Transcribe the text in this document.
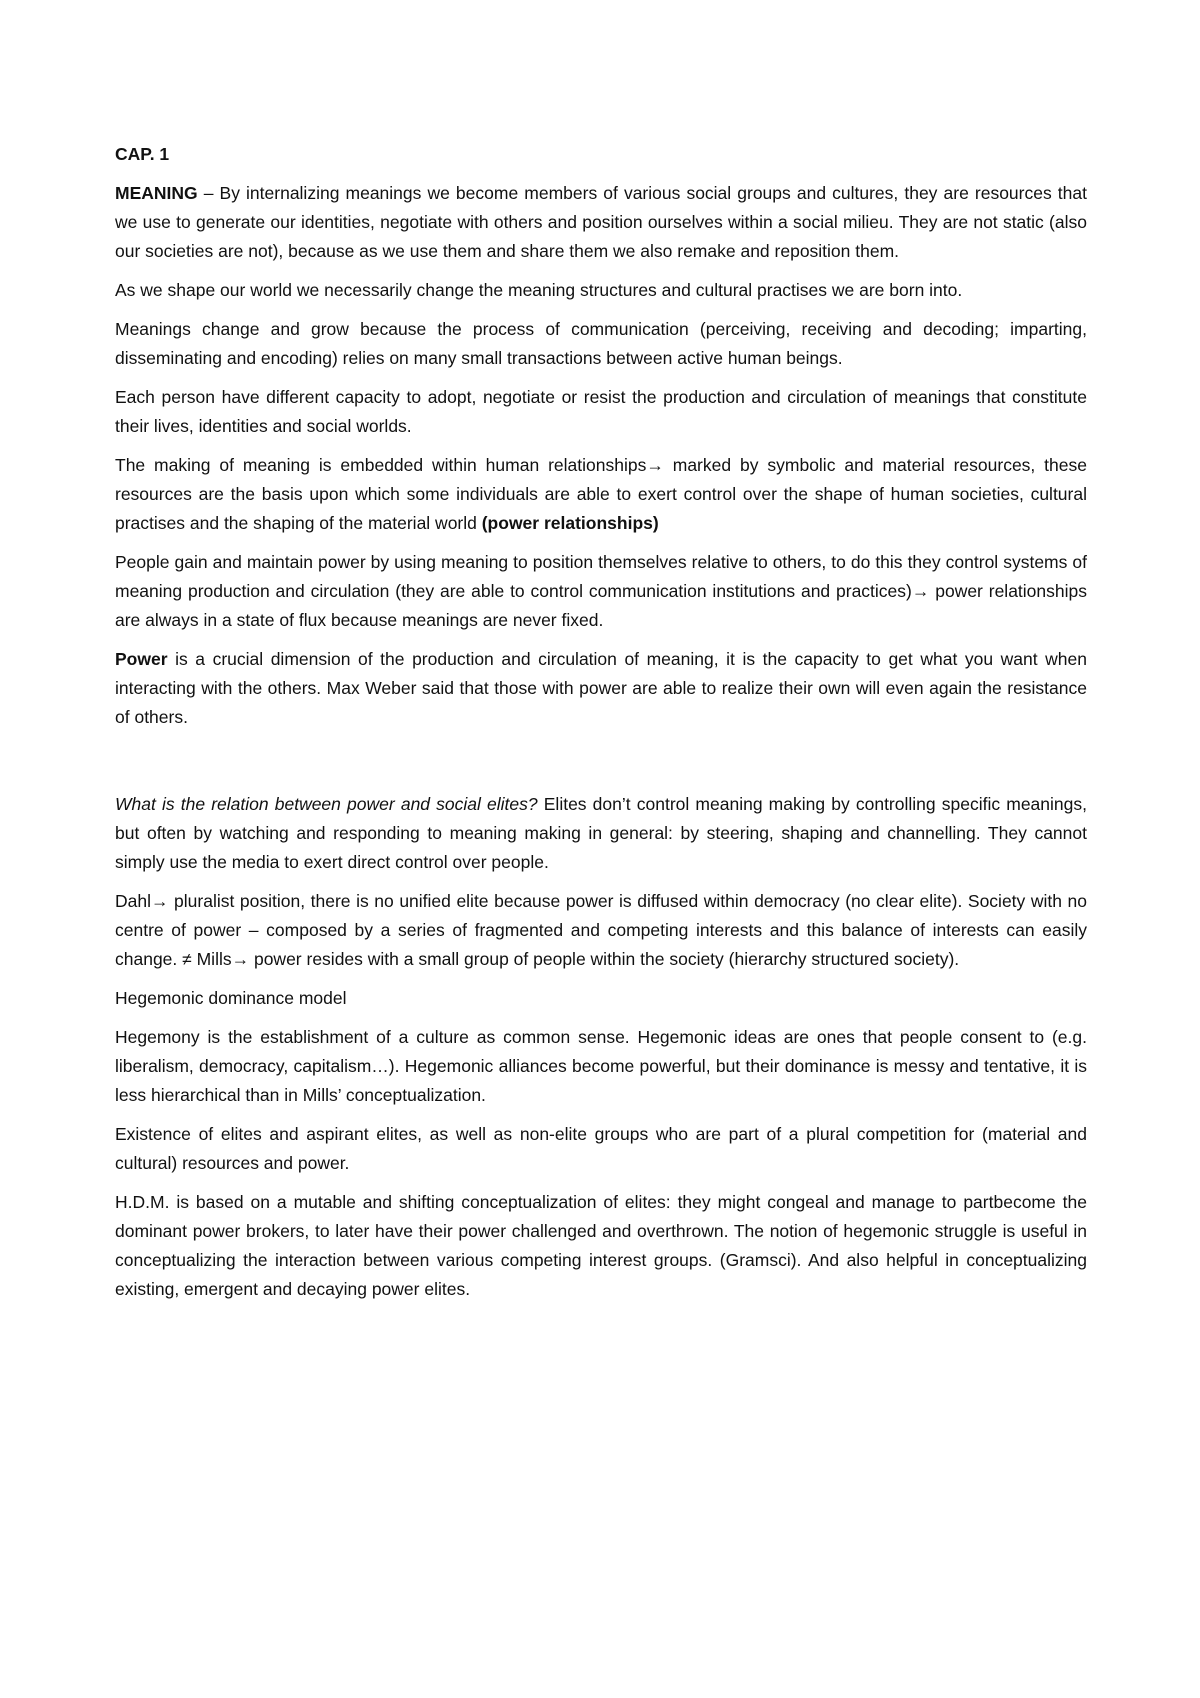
CAP. 1

MEANING – By internalizing meanings we become members of various social groups and cultures, they are resources that we use to generate our identities, negotiate with others and position ourselves within a social milieu. They are not static (also our societies are not), because as we use them and share them we also remake and reposition them.

As we shape our world we necessarily change the meaning structures and cultural practises we are born into.

Meanings change and grow because the process of communication (perceiving, receiving and decoding; imparting, disseminating and encoding) relies on many small transactions between active human beings.

Each person have different capacity to adopt, negotiate or resist the production and circulation of meanings that constitute their lives, identities and social worlds.

The making of meaning is embedded within human relationships→ marked by symbolic and material resources, these resources are the basis upon which some individuals are able to exert control over the shape of human societies, cultural practises and the shaping of the material world (power relationships)

People gain and maintain power by using meaning to position themselves relative to others, to do this they control systems of meaning production and circulation (they are able to control communication institutions and practices)→ power relationships are always in a state of flux because meanings are never fixed.

Power is a crucial dimension of the production and circulation of meaning, it is the capacity to get what you want when interacting with the others. Max Weber said that those with power are able to realize their own will even again the resistance of others.

What is the relation between power and social elites? Elites don’t control meaning making by controlling specific meanings, but often by watching and responding to meaning making in general: by steering, shaping and channelling. They cannot simply use the media to exert direct control over people.

Dahl→ pluralist position, there is no unified elite because power is diffused within democracy (no clear elite). Society with no centre of power – composed by a series of fragmented and competing interests and this balance of interests can easily change. ≠ Mills→ power resides with a small group of people within the society (hierarchy structured society).

Hegemonic dominance model

Hegemony is the establishment of a culture as common sense. Hegemonic ideas are ones that people consent to (e.g. liberalism, democracy, capitalism…). Hegemonic alliances become powerful, but their dominance is messy and tentative, it is less hierarchical than in Mills’ conceptualization.

Existence of elites and aspirant elites, as well as non-elite groups who are part of a plural competition for (material and cultural) resources and power.

H.D.M. is based on a mutable and shifting conceptualization of elites: they might congeal and manage to partbecome the dominant power brokers, to later have their power challenged and overthrown. The notion of hegemonic struggle is useful in conceptualizing the interaction between various competing interest groups. (Gramsci). And also helpful in conceptualizing existing, emergent and decaying power elites.
